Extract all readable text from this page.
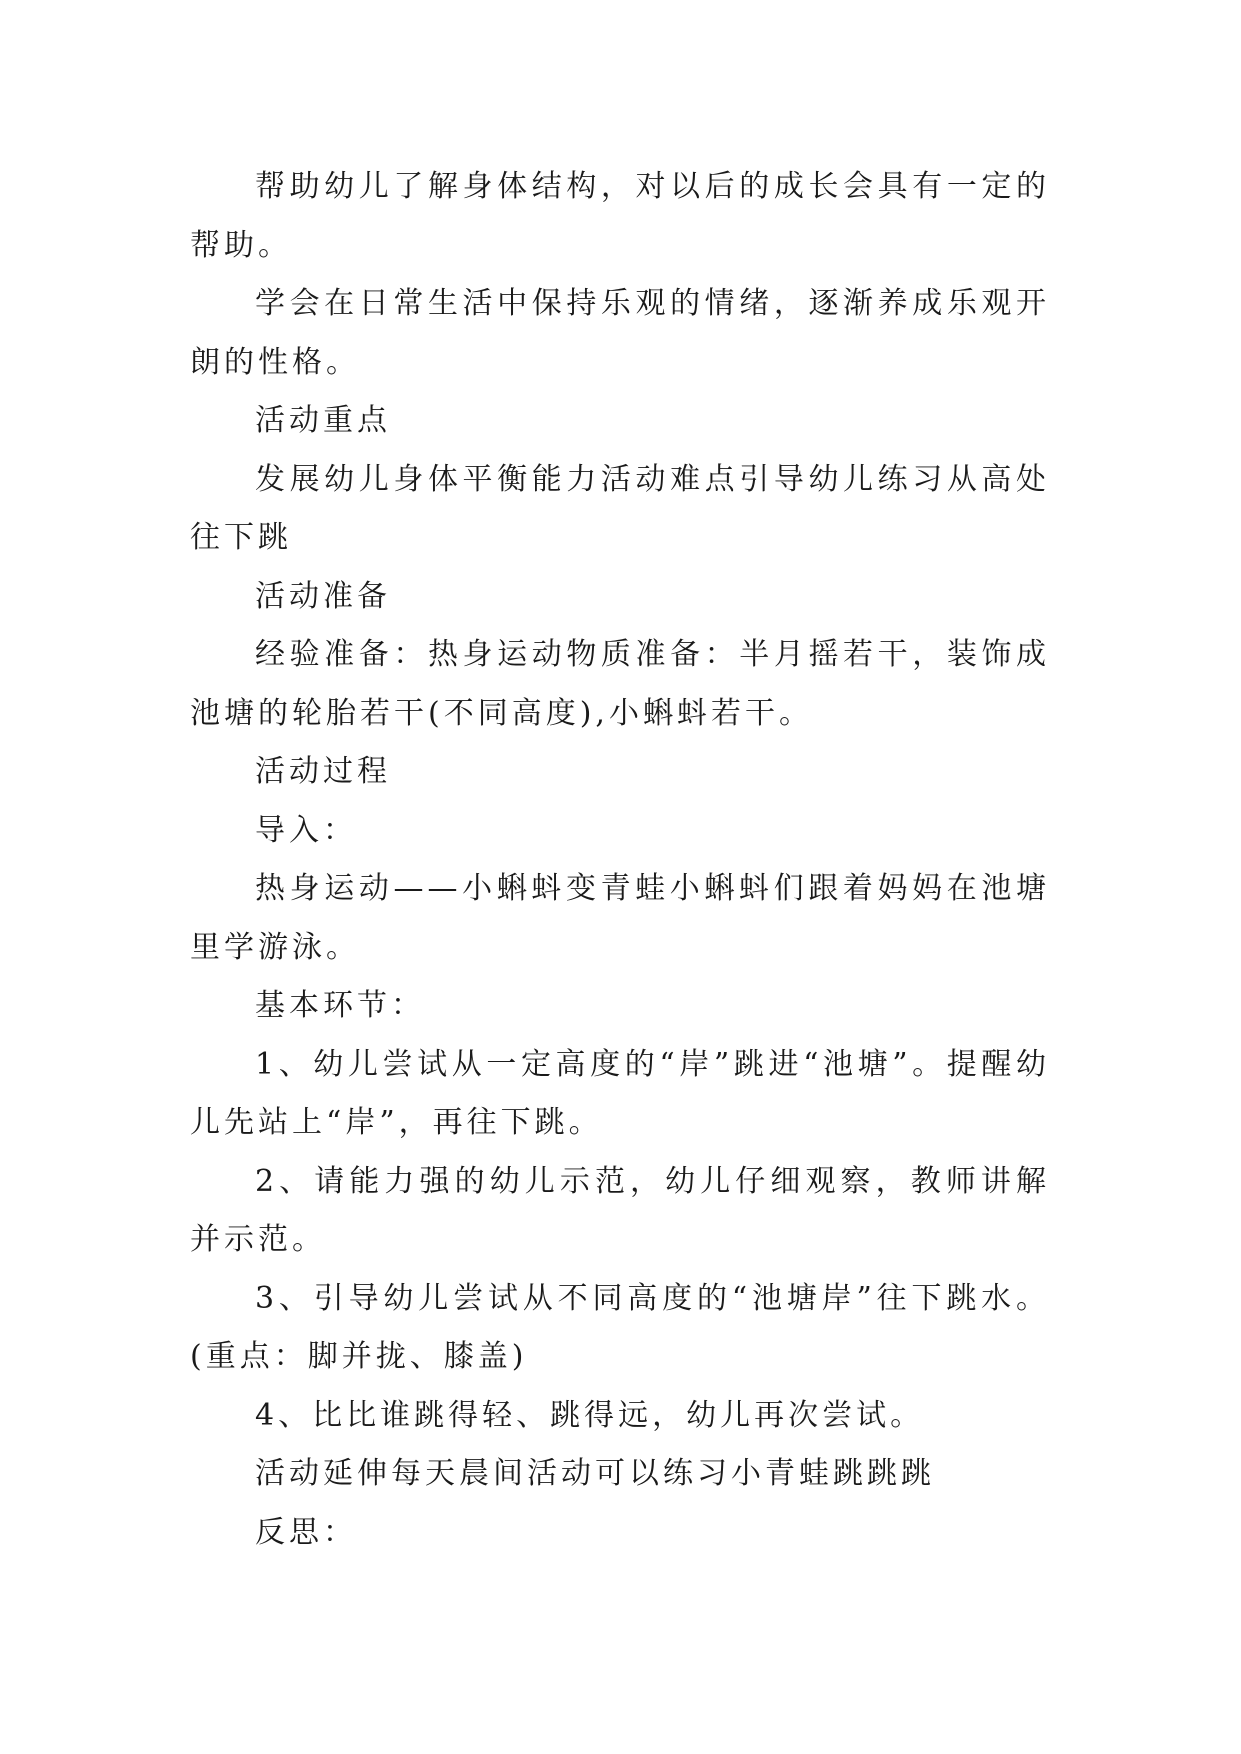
帮助幼儿了解身体结构，对以后的成长会具有一定的帮助。

学会在日常生活中保持乐观的情绪，逐渐养成乐观开朗的性格。

活动重点

发展幼儿身体平衡能力活动难点引导幼儿练习从高处往下跳

活动准备

经验准备：热身运动物质准备：半月摇若干，装饰成池塘的轮胎若干(不同高度),小蝌蚪若干。

活动过程

导入：

热身运动——小蝌蚪变青蛙小蝌蚪们跟着妈妈在池塘里学游泳。

基本环节：

1、幼儿尝试从一定高度的“岸”跳进“池塘”。提醒幼儿先站上“岸”，再往下跳。

2、请能力强的幼儿示范，幼儿仔细观察，教师讲解并示范。

3、引导幼儿尝试从不同高度的“池塘岸”往下跳水。(重点：脚并拢、膝盖)

4、比比谁跳得轻、跳得远，幼儿再次尝试。

活动延伸每天晨间活动可以练习小青蛙跳跳跳

反思：
